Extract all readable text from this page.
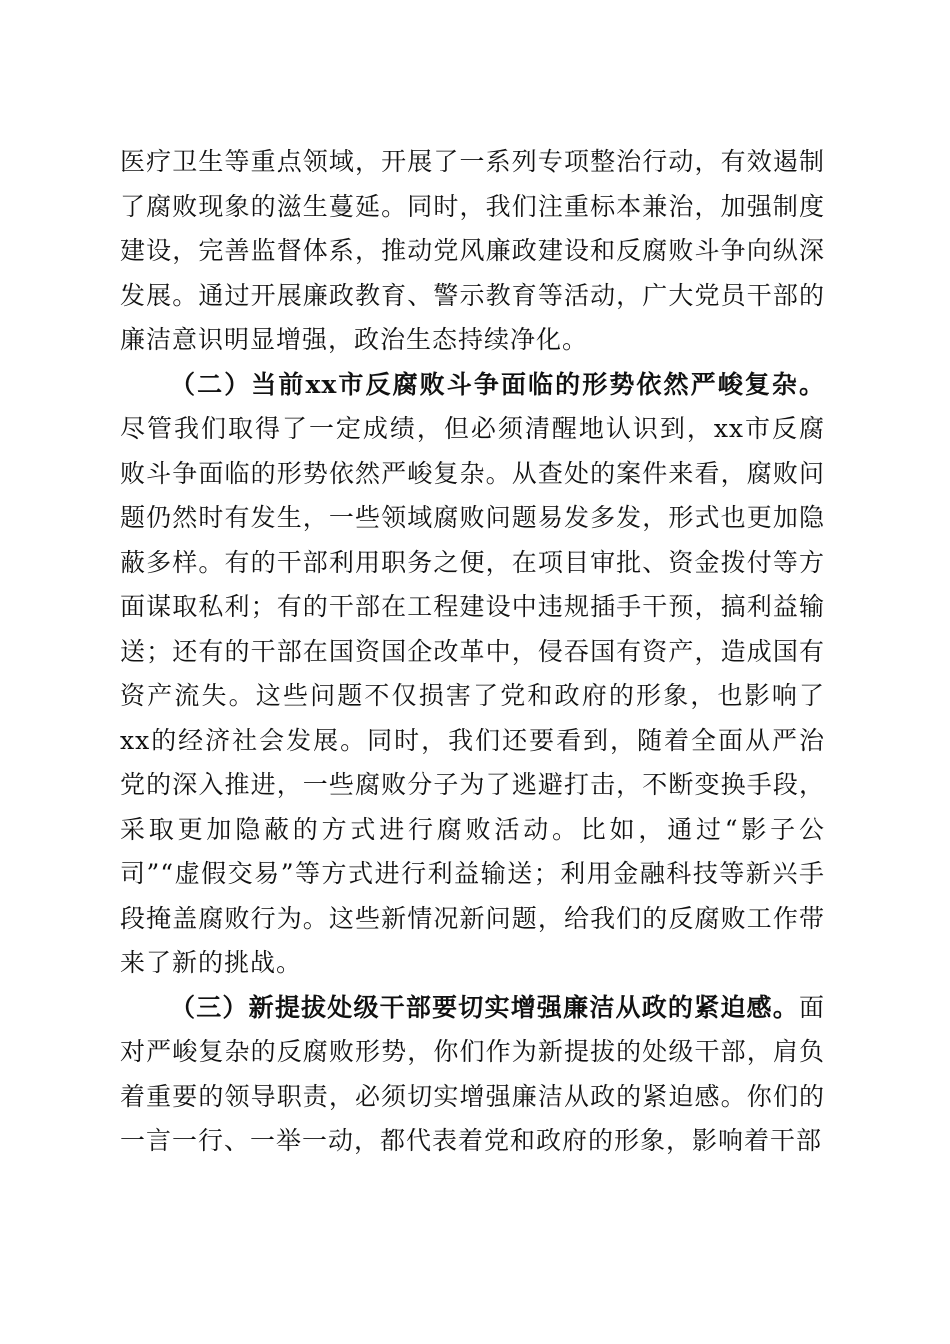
医疗卫生等重点领域，开展了一系列专项整治行动，有效遏制了腐败现象的滋生蔓延。同时，我们注重标本兼治，加强制度建设，完善监督体系，推动党风廉政建设和反腐败斗争向纵深发展。通过开展廉政教育、警示教育等活动，广大党员干部的廉洁意识明显增强，政治生态持续净化。

（二）当前xx市反腐败斗争面临的形势依然严峻复杂。尽管我们取得了一定成绩，但必须清醒地认识到，xx市反腐败斗争面临的形势依然严峻复杂。从查处的案件来看，腐败问题仍然时有发生，一些领域腐败问题易发多发，形式也更加隐蔽多样。有的干部利用职务之便，在项目审批、资金拨付等方面谋取私利；有的干部在工程建设中违规插手干预，搞利益输送；还有的干部在国资国企改革中，侵吞国有资产，造成国有资产流失。这些问题不仅损害了党和政府的形象，也影响了xx的经济社会发展。同时，我们还要看到，随着全面从严治党的深入推进，一些腐败分子为了逃避打击，不断变换手段，采取更加隐蔽的方式进行腐败活动。比如，通过“影子公司”“虚假交易”等方式进行利益输送；利用金融科技等新兴手段掩盖腐败行为。这些新情况新问题，给我们的反腐败工作带来了新的挑战。

（三）新提拔处级干部要切实增强廉洁从政的紧迫感。面对严峻复杂的反腐败形势，你们作为新提拔的处级干部，肩负着重要的领导职责，必须切实增强廉洁从政的紧迫感。你们的一言一行、一举一动，都代表着党和政府的形象，影响着干部
